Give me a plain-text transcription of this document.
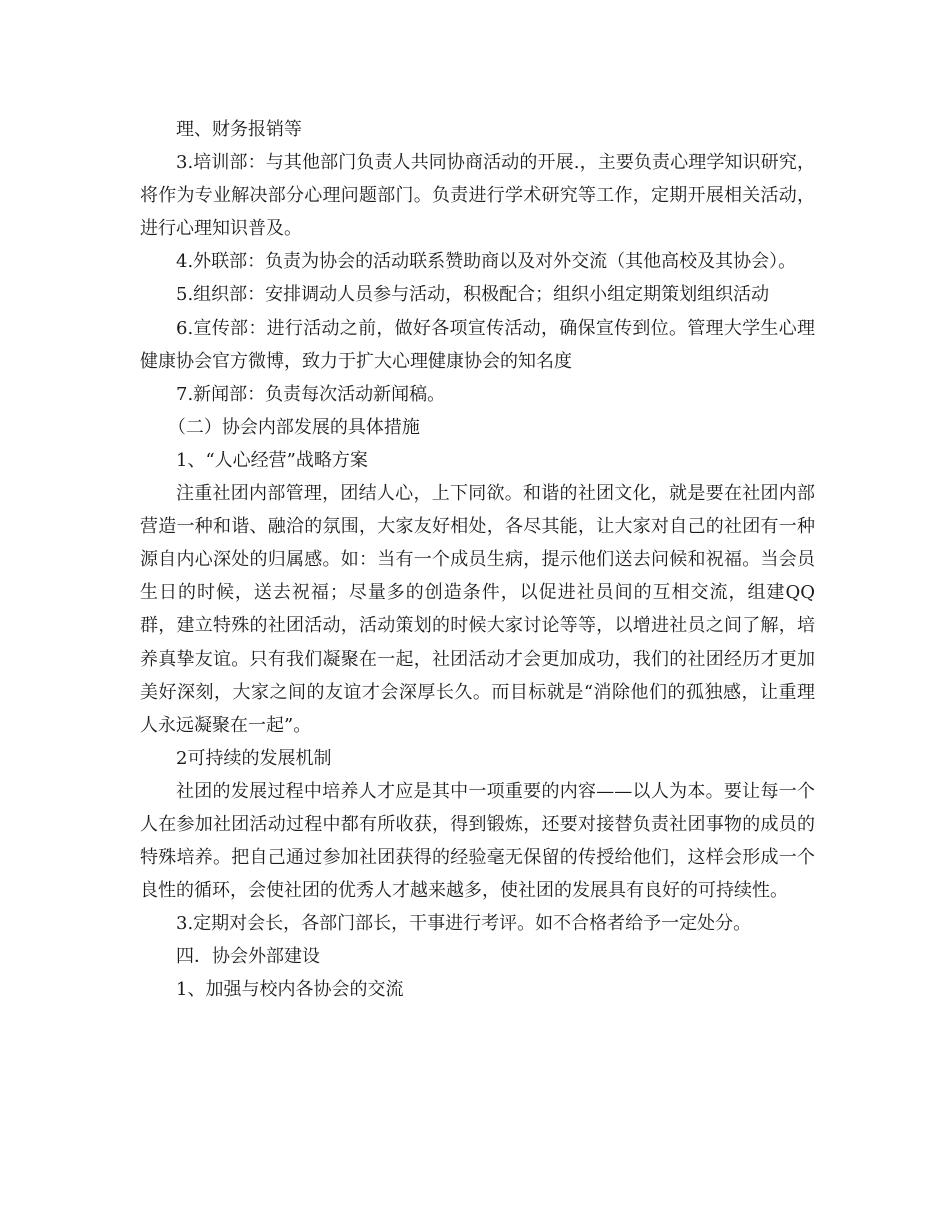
理、财务报销等

3.培训部：与其他部门负责人共同协商活动的开展.，主要负责心理学知识研究，将作为专业解决部分心理问题部门。负责进行学术研究等工作，定期开展相关活动，进行心理知识普及。

4.外联部：负责为协会的活动联系赞助商以及对外交流（其他高校及其协会）。

5.组织部：安排调动人员参与活动，积极配合；组织小组定期策划组织活动

6.宣传部：进行活动之前，做好各项宣传活动，确保宣传到位。管理大学生心理健康协会官方微博，致力于扩大心理健康协会的知名度

7.新闻部：负责每次活动新闻稿。

（二）协会内部发展的具体措施

1、“人心经营”战略方案

注重社团内部管理，团结人心，上下同欲。和谐的社团文化，就是要在社团内部营造一种和谐、融洽的氛围，大家友好相处，各尽其能，让大家对自己的社团有一种源自内心深处的归属感。如：当有一个成员生病，提示他们送去问候和祝福。当会员生日的时候，送去祝福；尽量多的创造条件，以促进社员间的互相交流，组建QQ群，建立特殊的社团活动，活动策划的时候大家讨论等等，以增进社员之间了解，培养真挚友谊。只有我们凝聚在一起，社团活动才会更加成功，我们的社团经历才更加美好深刻，大家之间的友谊才会深厚长久。而目标就是“消除他们的孤独感，让重理人永远凝聚在一起”。

2可持续的发展机制

社团的发展过程中培养人才应是其中一项重要的内容——以人为本。要让每一个人在参加社团活动过程中都有所收获，得到锻炼，还要对接替负责社团事物的成员的特殊培养。把自己通过参加社团获得的经验毫无保留的传授给他们，这样会形成一个良性的循环，会使社团的优秀人才越来越多，使社团的发展具有良好的可持续性。

3.定期对会长，各部门部长，干事进行考评。如不合格者给予一定处分。

四．协会外部建设

1、加强与校内各协会的交流
